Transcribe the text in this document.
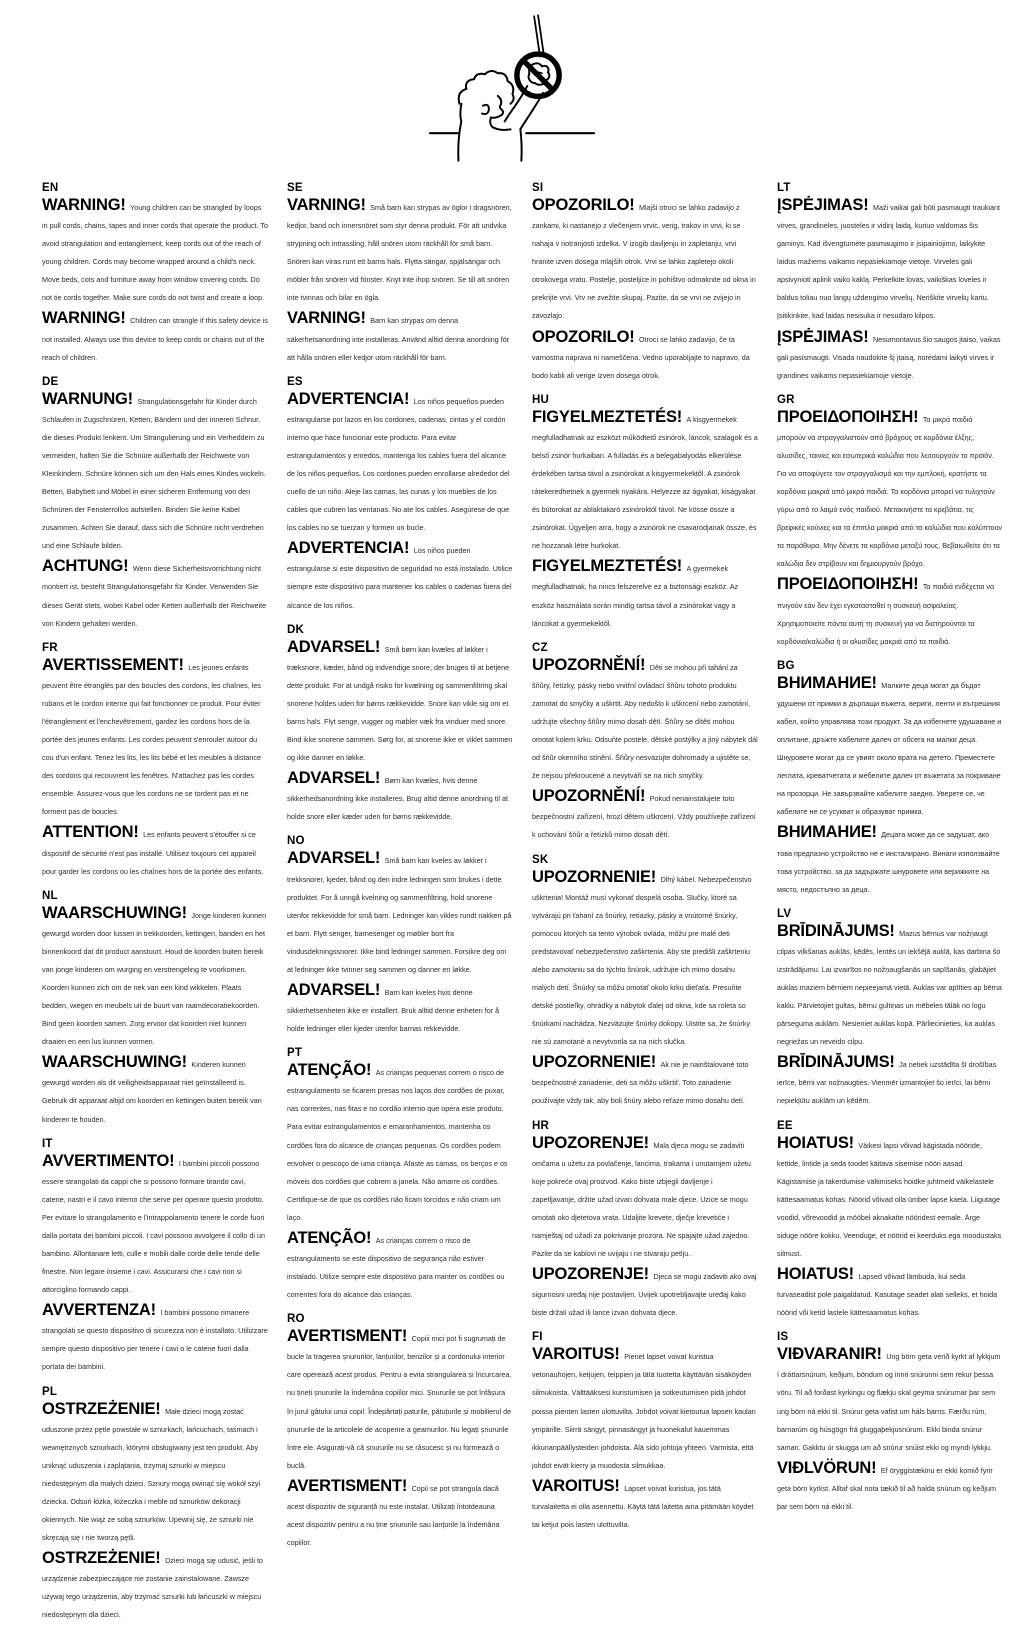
EN

WARNING! Young children can be strangled by loops in pull cords, chains, tapes and inner cords that operate the product. To avoid strangulation and entanglement, keep cords out of the reach of young children. Cords may become wrapped around a child's neck. Move beds, cots and furniture away from window covering cords. Do not tie cords together. Make sure cords do not twist and create a loop.

WARNING! Children can strangle if this safety device is not installed. Always use this device to keep cords or chains out of the reach of children.

DE

WARNUNG! Strangulationsgefahr für Kinder durch Schlaufen in Zugschnüren, Ketten, Bändern und der inneren Schnur, die dieses Produkt lenkent. Um Strangulierung und ein Verheddern zu vermeiden, halten Sie die Schnüre außerhalb der Reichweite von Kleinkindern. Schnüre können sich um den Hals eines Kindes wickeln. Betten, Babybett und Möbel in einer sicheren Entfernung von den Schnüren der Fensterrollos aufstellen. Binden Sie keine Kabel zusammen. Achten Sie darauf, dass sich die Schnüre nicht verdrehen und eine Schlaufe bilden.

ACHTUNG! Wenn diese Sicherheitsvorrichtung nicht montiert ist, besteht Strangulationsgefahr für Kinder. Verwenden Sie dieses Gerät stets, wobei Kabel oder Ketten außerhalb der Reichweite von Kindern gehalten werden.

FR

AVERTISSEMENT! Les jeunes enfants peuvent être étranglés par des boucles des cordons, les chaînes, les rubans et le cordon interne qui fait fonctionner ce produit. Pour éviter l'étranglement et l'enchevêtrement, gardez les cordons hors de la portée des jeunes enfants. Les cordes peuvent s'enrouler autour du cou d'un enfant. Tenez les lits, les lits bébé et les meubles à distance des cordons qui recouvrent les fenêtres. N'attachez pas les cordes ensemble. Assurez-vous que les cordons ne se tordent pas et ne forment pas de boucles.

ATTENTION! Les enfants peuvent s'étouffer si ce dispositif de sécurité n'est pas installé. Utilisez toujours cet appareil pour garder les cordons ou les chaînes hors de la portée des enfants.

NL

WAARSCHUWING! Jonge kinderen kunnen gewurgd worden door lussen in trekkoorden, kettingen, banden en het binnenkoord dat dit product aanstuurt. Houd de koorden buiten bereik van jonge kinderen om wurging en verstrengeling te voorkomen. Koorden kunnen zich om de nek van een kind wikkelen. Plaats bedden, wiegen en meubels uit de buurt van raamdecoratiekoorden. Bind geen koorden samen. Zorg ervoor dat koorden niet kunnen draaien en een lus kunnen vormen.

WAARSCHUWING! Kinderen kunnen gewurgd worden als dit veiligheidsapparaat niet geïnstalleerd is. Gebruik dit apparaat altijd om koorden en kettingen buiten bereik van kinderen te houden.

IT

AVVERTIMENTO! I bambini piccoli possono essere strangolati da cappi che si possono formare tirando cavi, catene, nastri e il cavo interno che serve per operare questo prodotto. Per evitare lo strangolamento e l'intrappolamento tenere le corde fuori dalla portata dei bambini piccoli. I cavi possono avvolgere il collo di un bambino. Allontanare letti, culle e mobili dalle corde delle tende delle finestre. Non legare insieme i cavi. Assicurarsi che i cavi non si attorciglino formando cappi.

AVVERTENZA! I bambini possono rimanere strangolati se questo dispositivo di sicurezza non è installato. Utilizzare sempre questo dispositivo per tenere i cavi o le catene fuori dalla portata dei bambini.

PL

OSTRZEŻENIE! Małe dzieci mogą zostać uduszone przez pętle powstałe w sznurkach, łańcuchach, taśmach i wewnętrznych sznurkach, którymi obsługiwany jest ten produkt. Aby uniknąć uduszenia i zaplątania, trzymaj sznurki w miejscu niedostępnym dla małych dzieci. Sznury mogą owinąć się wokół szyi dziecka. Odsuń łóżka, łóżeczka i meble od sznurków dekoracji okiennych. Nie wiąż ze sobą sznurków. Upewnij się, że sznurki nie skręcają się i nie tworzą pętli.

OSTRZEŻENIE! Dzieci mogą się udusić, jeśli to urządzenie zabezpieczające nie zostanie zainstalowane. Zawsze używaj tego urządzenia, aby trzymać sznurki lub łańcuszki w miejscu niedostępnym dla dzieci.

SE

VARNING! Små barn kan strypas av öglor i dragsnören, kedjor, band och innersnöret som styr denna produkt. För att undvika strypning och intrassling, håll snören utom räckhåll för små barn. Snören kan viras runt ett barns hals. Flytta sängar, spjälsängar och möbler från snören vid fönster. Knyt inte ihop snören. Se till att snören inte tvinnas och bilar en ögla.

VARNING! Barn kan strypas om denna säkerhetsanordning inte installeras. Använd alltid denna anordning för att hålla snören eller kedjor utom räckhåll för barn.

ES

ADVERTENCIA! Los niños pequeños pueden estrangularse por lazos en los cordones, cadenas, cintas y el cordón interno que hace funcionar este producto. Para evitar estrangulamientos y enredos, mantenga los cables fuera del alcance de los niños pequeños. Los cordones pueden enrollarse alrededor del cuello de un niño. Aleje las camas, las cunas y los muebles de los cables que cubren las ventanas. No ate los cables. Asegúrese de que los cables no se tuerzan y formen un bucle.

ADVERTENCIA! Los niños pueden estrangularse si este dispositivo de seguridad no está instalado. Utilice siempre este dispositivo para mantener los cables o cadenas fuera del alcance de los niños.

DK

ADVARSEL! Små børn kan kvæles af løkker i træksnore, kæder, bånd og indvendige snore, der bruges til at betjene dette produkt. For at undgå risiko for kvælning og sammenfiltring skal snorene holdes uden for børns rækkevidde. Snore kan vikle sig om et barns hals. Flyt senge, vugger og møbler væk fra vinduer med snore. Bind ikke snorene sammen. Sørg for, at snorene ikke er viklet sammen og ikke danner en løkke.

ADVARSEL! Børn kan kvæles, hvis denne sikkerhedsanordning ikke installeres. Brug altid denne anordning til at holde snore eller kæder uden for børns rækkevidde.

NO

ADVARSEL! Små barn kan kveles av løkker i trekksnorer, kjeder, bånd og den indre ledningen som brukes i dette produktet. For å unngå kvelning og sammenfiltring, hold snorene utenfor rekkevidde for små barn. Ledninger kan vikles rundt nakken på et barn. Flytt senger, barnesenger og møbler bort fra vindusdekningssnorer. Ikke bind ledninger sammen. Forsikre deg om at ledninger ikke tvinner seg sammen og danner en løkke.

ADVARSEL! Barn kan kveles hvis denne sikkerhetsenheten ikke er installert. Bruk alltid denne enheten for å holde ledninger eller kjeder utenfor barnas rekkevidde.

PT

ATENÇÃO! As crianças pequenas correm o risco de estrangulamento se ficarem presas nos laços dos cordões de puxar, nas correntes, nas fitas e no cordão interno que opera este produto. Para evitar estrangulamentos e emaranhamentos, mantenha os cordões fora do alcance de crianças pequenas. Os cordões podem envolver o pescoço de uma criança. Afaste as camas, os berços e os móveis dos cordões que cobrem a janela. Não amarre os cordões. Certifique-se de que os cordões não ficam torcidos e não criam um laço.

ATENÇÃO! As crianças correm o risco de estrangulamento se este dispositivo de segurança não estiver instalado. Utilize sempre este dispositivo para manter os cordões ou correntes fora do alcance das crianças.

RO

AVERTISMENT! Copiii mici pot fi sugrumați de bucle la tragerea șnururilor, lanțurilor, benzilor și a cordonului interior care operează acest produs. Pentru a evita strangularea și încurcarea, nu țineți șnururile la îndemâna copiilor mici. Șnururile se pot înfășura în jurul gâtului unui copil. Îndepărtați paturile, pătuțurile și mobilierul de șnururile de la articolele de acoperire a geamurilor. Nu legați șnururile între ele. Asigurați-vă că șnururile nu se răsucesc și nu formează o buclă.

AVERTISMENT! Copii se pot strangula dacă acest dispozitiv de siguranță nu este instalat. Utilizați întotdeauna acest dispozitiv pentru a nu ține șnururile sau lanțurile la îndemâna copiilor.

SI

OPOZORILO! Mlajši otroci se lahko zadavijo z zankami, ki nastanejo z vlečenjem vrvic, verig, trakov in vrvi, ki se nahaja v notranjosti izdelka. V izogib davljenju in zapletanju, vrvi hranite izven dosega mlajših otrok. Vrvi se lahko zapletejo okoli otrokovega vratu. Postelje, posteljice in pohištvo odmaknite od okna in prekrijte vrvi. Vrv ne zvežite skupaj. Pazite, da se vrvi ne zvijejo in zavozlajo.

OPOZORILO! Otroci se lahko zadavijo, če ta varnostna naprava ni nameščena. Vedno uporabljajte to napravo, da bodo kabli ali verige izven dosega otrok.

HU

FIGYELMEZTETÉS! A kisgyermekek megfulladhatnak az eszközt működtető zsinórok, láncok, szalagok és a belső zsinór hurkaiban. A fulladás és a belegabalyodás elkerülése érdekében tartsa távol a zsinórokat a kisgyermekektől. A zsinórok rátekeredhetnek a gyermek nyakára. Helyezze az ágyakat, kiságyakat és bútorokat az ablaktakaró zsinóroktól távol. Ne kösse össze a zsinórokat. Ügyeljen arra, hogy a zsinórok ne csavarodjanak össze, és ne hozzanak létre hurkokat.

FIGYELMEZTETÉS! A gyermekek megfulladhatnak, ha nincs felszerelve ez a biztonsági eszköz. Az eszköz használata során mindig tartsa távol a zsinórokat vagy a láncokat a gyermekektől.

CZ

UPOZORNĚNÍ! Děti se mohou při tahání za šňůry, řetízky, pásky nebo vnitřní ovládací šňůru tohoto produktu zamotat do smyčky a uškrtit. Aby nedošlo k uškrcení nebo zamotání, udržujte všechny šňůry mimo dosah dětí. Šňůry se dítěti mohou omotat kolem krku. Odsuňte postele, dětské postýlky a jiný nábytek dál od šňůr okenního stínění. Šňůry nesvazujte dohromady a ujistěte se, že nejsou překroucené a nevytváří se na nich smyčky.

UPOZORNĚNÍ! Pokud nenainstalujete toto bezpečnostní zařízení, hrozí dětem uškrcení. Vždy používejte zařízení k uchování šňůr a řetízků mimo dosah dětí.

SK

UPOZORNENIE! Dlhý kábel. Nebezpečenstvo uškrtenia! Montáž musí vykonať dospelá osoba. Slučky, ktoré sa vytvárajú pri ťahaní za šnúrky, retiazky, pásky a vnútorné šnúrky, pomocou ktorých sa tento výrobok ovláda, môžu pre malé deti predstavovať nebezpečenstvo zaškrtenia. Aby ste predišli zaškrteniu alebo zamotaniu sa do týchto šnúrok, udržujte ich mimo dosahu malých detí. Šnúrky sa môžu omotať okolo krku dieťaťa. Presuňte detské postieľky, ohrádky a nábytok ďalej od okna, kde sa roleta so šnúrkami nachádza. Nezväzujte šnúrky dokopy. Uistite sa, že šnúrky nie sú zamotané a nevytvorila sa na nich slučka.

UPOZORNENIE! Ak nie je nainštalované toto bezpečnostné zariadenie, deti sa môžu uškrtiť. Toto zariadenie používajte vždy tak, aby boli šnúry alebo reťaze mimo dosahu detí.

HR

UPOZORENJE! Mala djeca mogu se zadaviti omčama u užetu za povlačenje, lancima, trakama i unutarnjem užetu koje pokreće ovaj proizvod. Kako biste izbjegli davljenje i zapetljavanje, držite užad izvan dohvata male djece. Uzice se mogu omotati oko djetetova vrata. Udaljite krevete, dječje krevetiće i namještaj od užadi za pokrivanje prozora. Ne spajajte užad zajedno. Pazite da se kablovi ne uvijaju i ne stvaraju petlju.

UPOZORENJE! Djeca se mogu zadaviti ako ovaj sigurnosni uređaj nije postavljen. Uvijek upotrebljavajte uređaj kako biste držali užad ili lance izvan dohvata djece.

FI

VAROITUS! Pienet lapset voivat kuristua vetonauhojen, ketjujen, teippien ja tätä tuotetta käyttävän sisäköyden silmukoista. Välttääksesi kuristumisen ja sotkeutumisen pidä johdot poissa pienten lasten ulottuvilta. Johdot voivat kietoutua lapsen kaulan ympärille. Siirrä sängyt, pinnasängyt ja huonekalut kauemmas ikkunanpäällysteiden johdoista. Älä sido johtoja yhteen. Varmista, että johdot eivät kierry ja muodosta silmukkaa.

VAROITUS! Lapset voivat kuristua, jos tätä turvalaitetta ei olla asennettu. Käytä tätä laitetta aina pitämään köydet tai ketjut pois lasten ulottuvilta.

LT

ĮSPĖJIMAS! Maži vaikai gali būti pasmaugti traukiant virves, grandinėles, juosteles ir vidinį laidą, kuriuo valdomas šis gaminys. Kad išvengtumėte pasmaugimo ir įsipainiojimo, laikykite laidus mažiems vaikams nepasiekiamoje vietoje. Virvelės gali apsivynioti aplink vaiko kaklą. Perkelkite lovas, vaikiškas loveles ir baldus toliau nuo langų uždengimo virvelių. Neriškite virvelių kartu. Įsitikinkite, kad laidas nesisuka ir nesudaro kilpos.

ĮSPĖJIMAS! Nesumontavus šio saugos įtaiso, vaikas gali pasismaugti. Visada naudokite šį įtaisą, norėdami laikyti virves ir grandines vaikams nepasiekiamoje vietoje.

GR

ΠΡΟΕΙΔΟΠΟΙΗΣΗ! Τα μικρά παιδιά μπορούν να στραγγαλιστούν από βρόχους σε κορδόνια έλξης, αλυσίδες, ταινίες και εσωτερικά καλώδια που λειτουργούν το προϊόν. Για να αποφύγετε τον στραγγαλισμό και την εμπλοκή, κρατήστε τα κορδόνια μακριά από μικρά παιδιά. Τα κορδόνια μπορεί να τυλιχτούν γύρω από το λαιμό ενός παιδιού. Μετακινήστε τα κρεβάτια, τις βρεφικές κούνιες και τα έπιπλα μακριά από τα καλώδια που καλύπτουν τα παράθυρα. Μην δένετε τα κορδόνια μεταξύ τους. Βεβαιωθείτε ότι τα καλώδια δεν στρίβουν και δημιουργούν βρόχο.

ΠΡΟΕΙΔΟΠΟΙΗΣΗ! Τα παιδιά ενδέχεται να πνιγούν εάν δεν έχει εγκατασταθεί η συσκευή ασφαλείας. Χρησιμοποιείτε πάντα αυτή τη συσκευή για να διατηρούνται τα κορδόνια/καλώδια ή οι αλυσίδες μακριά από τα παιδιά.

BG

ВНИМАНИЕ! Малките деца могат да бъдат удушени от примки в дърпащи въжета, вериги, ленти и вътрешния кабел, който управлява този продукт. За да избегнете удушаване и оплитане, дръжте кабелите далеч от обсега на малки деца. Шнуровете могат да се увият около врата на детето. Преместете леглата, креватчетата и мебелите далеч от въжетата за покриване на прозорци. Не завързвайте кабелите заедно. Уверете се, че кабелите не се усукват и образуват примка.

ВНИМАНИЕ! Децата може да се задушат, ако това предпазно устройство не е инсталирано. Винаги използвайте това устройство, за да задържате шнуровете или верижките на място, недостъпно за деца.

LV

BRĪDINĀJUMS! Mazus bērnus var nožņaugt cilpas vilkšanas auklās, ķēdēs, lentēs un iekšējā auklā, kas darbina šo izstrādājumu. Lai izvairītos no nožņaugšanās un sapīšanās, glabājiet auklas maziem bērniem nepieejamā vietā. Auklas var aptīties ap bērna kaklu. Pārvietojiet gultas, bērnu gultiņas un mēbeles tālāk no logu pārseguma auklām. Nesieniet auklas kopā. Pārliecinieties, ka auklas negriežas un neveido cilpu.

BRĪDINĀJUMS! Ja netiek uzstādīta šī drošības ierīce, bērni var nožņaugties. Vienmēr izmantojiet šo ierīci, lai bērni nepiekļūtu auklām un ķēdēm.

EE

HOIATUS! Väikesi lapsi võivad kägistada nööride, kettide, lintide ja seda toodet käitava sisemise nööri aasad. Kägistamise ja takerdumise vältimiseks hoidke juhtmeid väikelastele kättesaamatus kohas. Nöörid võivad olla ümber lapse kaela. Liigutage voodid, võrevoodid ja mööbel aknakatte nööridest eemale. Ärge siduge nööre kokku. Veenduge, et nöörid ei keerduks ega moodustaks silmust.

HOIATUS! Lapsed võivad lämbuda, kui seda turvaseadist pole paigaldatud. Kasutage seadet alati selleks, et hoida nöörid või ketid lastele kättesaamatus kohas.

IS

VIÐVARANIR! Ung börn geta verið kyrkt af lykkjum í dráttarsnúrum, keðjum, böndum og innri snúrunni sem rekur þessa vöru. Til að forðast kyrkingu og flækju skal geyma snúrurnar þar sem ung börn ná ekki til. Snúrur geta vafist um háls barns. Færðu rúm, barnarúm og húsgögn frá gluggaþekjusnúrum. Ekki binda snúrur saman. Gakktu úr skugga um að snúrur snúist ekki og myndi lykkju.

VIÐLVÖRUN! Ef öryggistækinu er ekki komið fyrir geta börn kyrkst. Alltaf skal nota tækið til að halda snúrum og keðjum þar sem börn ná ekki til.
